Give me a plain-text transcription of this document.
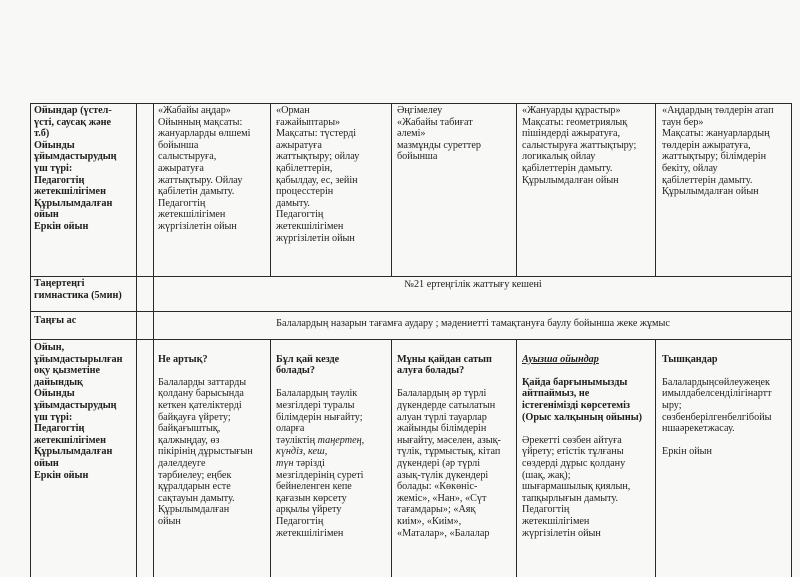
Ойындар (үстел-
үсті, саусақ және
т.б)
Ойынды
ұйымдастырудың
үш түрі:
Педагогтің
жетекшілігімен
Құрылымдалған
ойын
Еркін ойын
«Жабайы аңдар»
Ойынның мақсаты:
жануарларды өлшемі
бойынша
салыстыруға,
ажыратуға
жаттықтыру. Ойлау
қабілетін дамыту.
Педагогтің
жетекшілігімен
жүргізілетін ойын
«Орман
ғажайыптары»
Мақсаты: түстерді
ажыратуға
жаттықтыру; ойлау
қабілеттерін,
қабылдау, ес, зейін
процесстерін
дамыту.
Педагогтің
жетекшілігімен
жүргізілетін ойын
Әңгімелеу
«Жабайы табиғат
әлемі»
мазмұнды суреттер
бойынша
«Жануарды құрастыр»
Мақсаты: геометриялық
пішіндерді ажыратуға,
салыстыруға жаттықтыру;
логикалық ойлау
қабілеттерін дамыту.
Құрылымдалған ойын
«Аңдардың төлдерін атап
таун бер»
Мақсаты: жануарлардың
төлдерін ажыратуға,
жаттықтыру; білімдерін
бекіту, ойлау
қабілеттерін дамыту.
Құрылымдалған ойын
Таңертеңгі
гимнастика (5мин)
№21 ертеңгілік жаттығу кешені
Таңғы ас	Балалардың назарын тағамға аудару ; мәдениетті тамақтануға баулу бойынша жеке жұмыс
Ойын,
ұйымдастырылған
оқу қызметіне
дайындық
Ойынды
ұйымдастырудың
үш түрі:
Педагогтің
жетекшілігімен
Құрылымдалған
ойын
Еркін ойын

Не артық?

Балаларды заттарды
қолдану барысында
кеткен қателіктерді
байқауға үйрету;
байқағыштық,
қалжыңдау, өз
пікірінің дұрыстығын
дәлелдеуге
тәрбиелеу; еңбек
құралдарын есте
сақтауын дамыту.
Құрылымдалған
ойын

Бұл қай кезде
болады?

Балалардың тәулік
мезгілдері туралы
білімдерін нығайту;
оларға
тәуліктің таңертең,
күндіз, кеш,
түн тәрізді
мезгілдерінің суреті
бейнеленген кепе
қағазын көрсету
арқылы үйрету
Педагогтің
жетекшілігімен

Мұны қайдан сатып
алуға болады?

Балалардың әр түрлі
дүкендерде сатылатын
алуан түрлі тауарлар
жайынды білімдерін
нығайту, мәселен, азық-
түлік, тұрмыстық, кітап
дүкендері (әр түрлі
азық-түлік дүкендері
болады: «Көкөніс-
жеміс», «Нан», «Сүт
тағамдары»; «Аяқ
киім», «Киім»,
«Маталар», «Балалар

Ауызша ойындар

Қайда барғынымызды
айтпаймыз, не
істегенімізді көрсетеміз
(Орыс халқының ойыны)

Әрекетті сөзбен айтуға
үйрету; етістік тұлғаны
сөздерді дұрыс қолдану
(шақ, жақ);
шығармашылық қиялын,
тапқырлығын дамыту.
Педагогтің
жетекшілігімен
жүргізілетін ойын

Тышқандар

Балалардыңсөйлеужеңек
имылдабелсенділігінартт
ыру;
сөзбенберілгенбелгібойы
ншаәрекетжасау.

Еркін ойын
